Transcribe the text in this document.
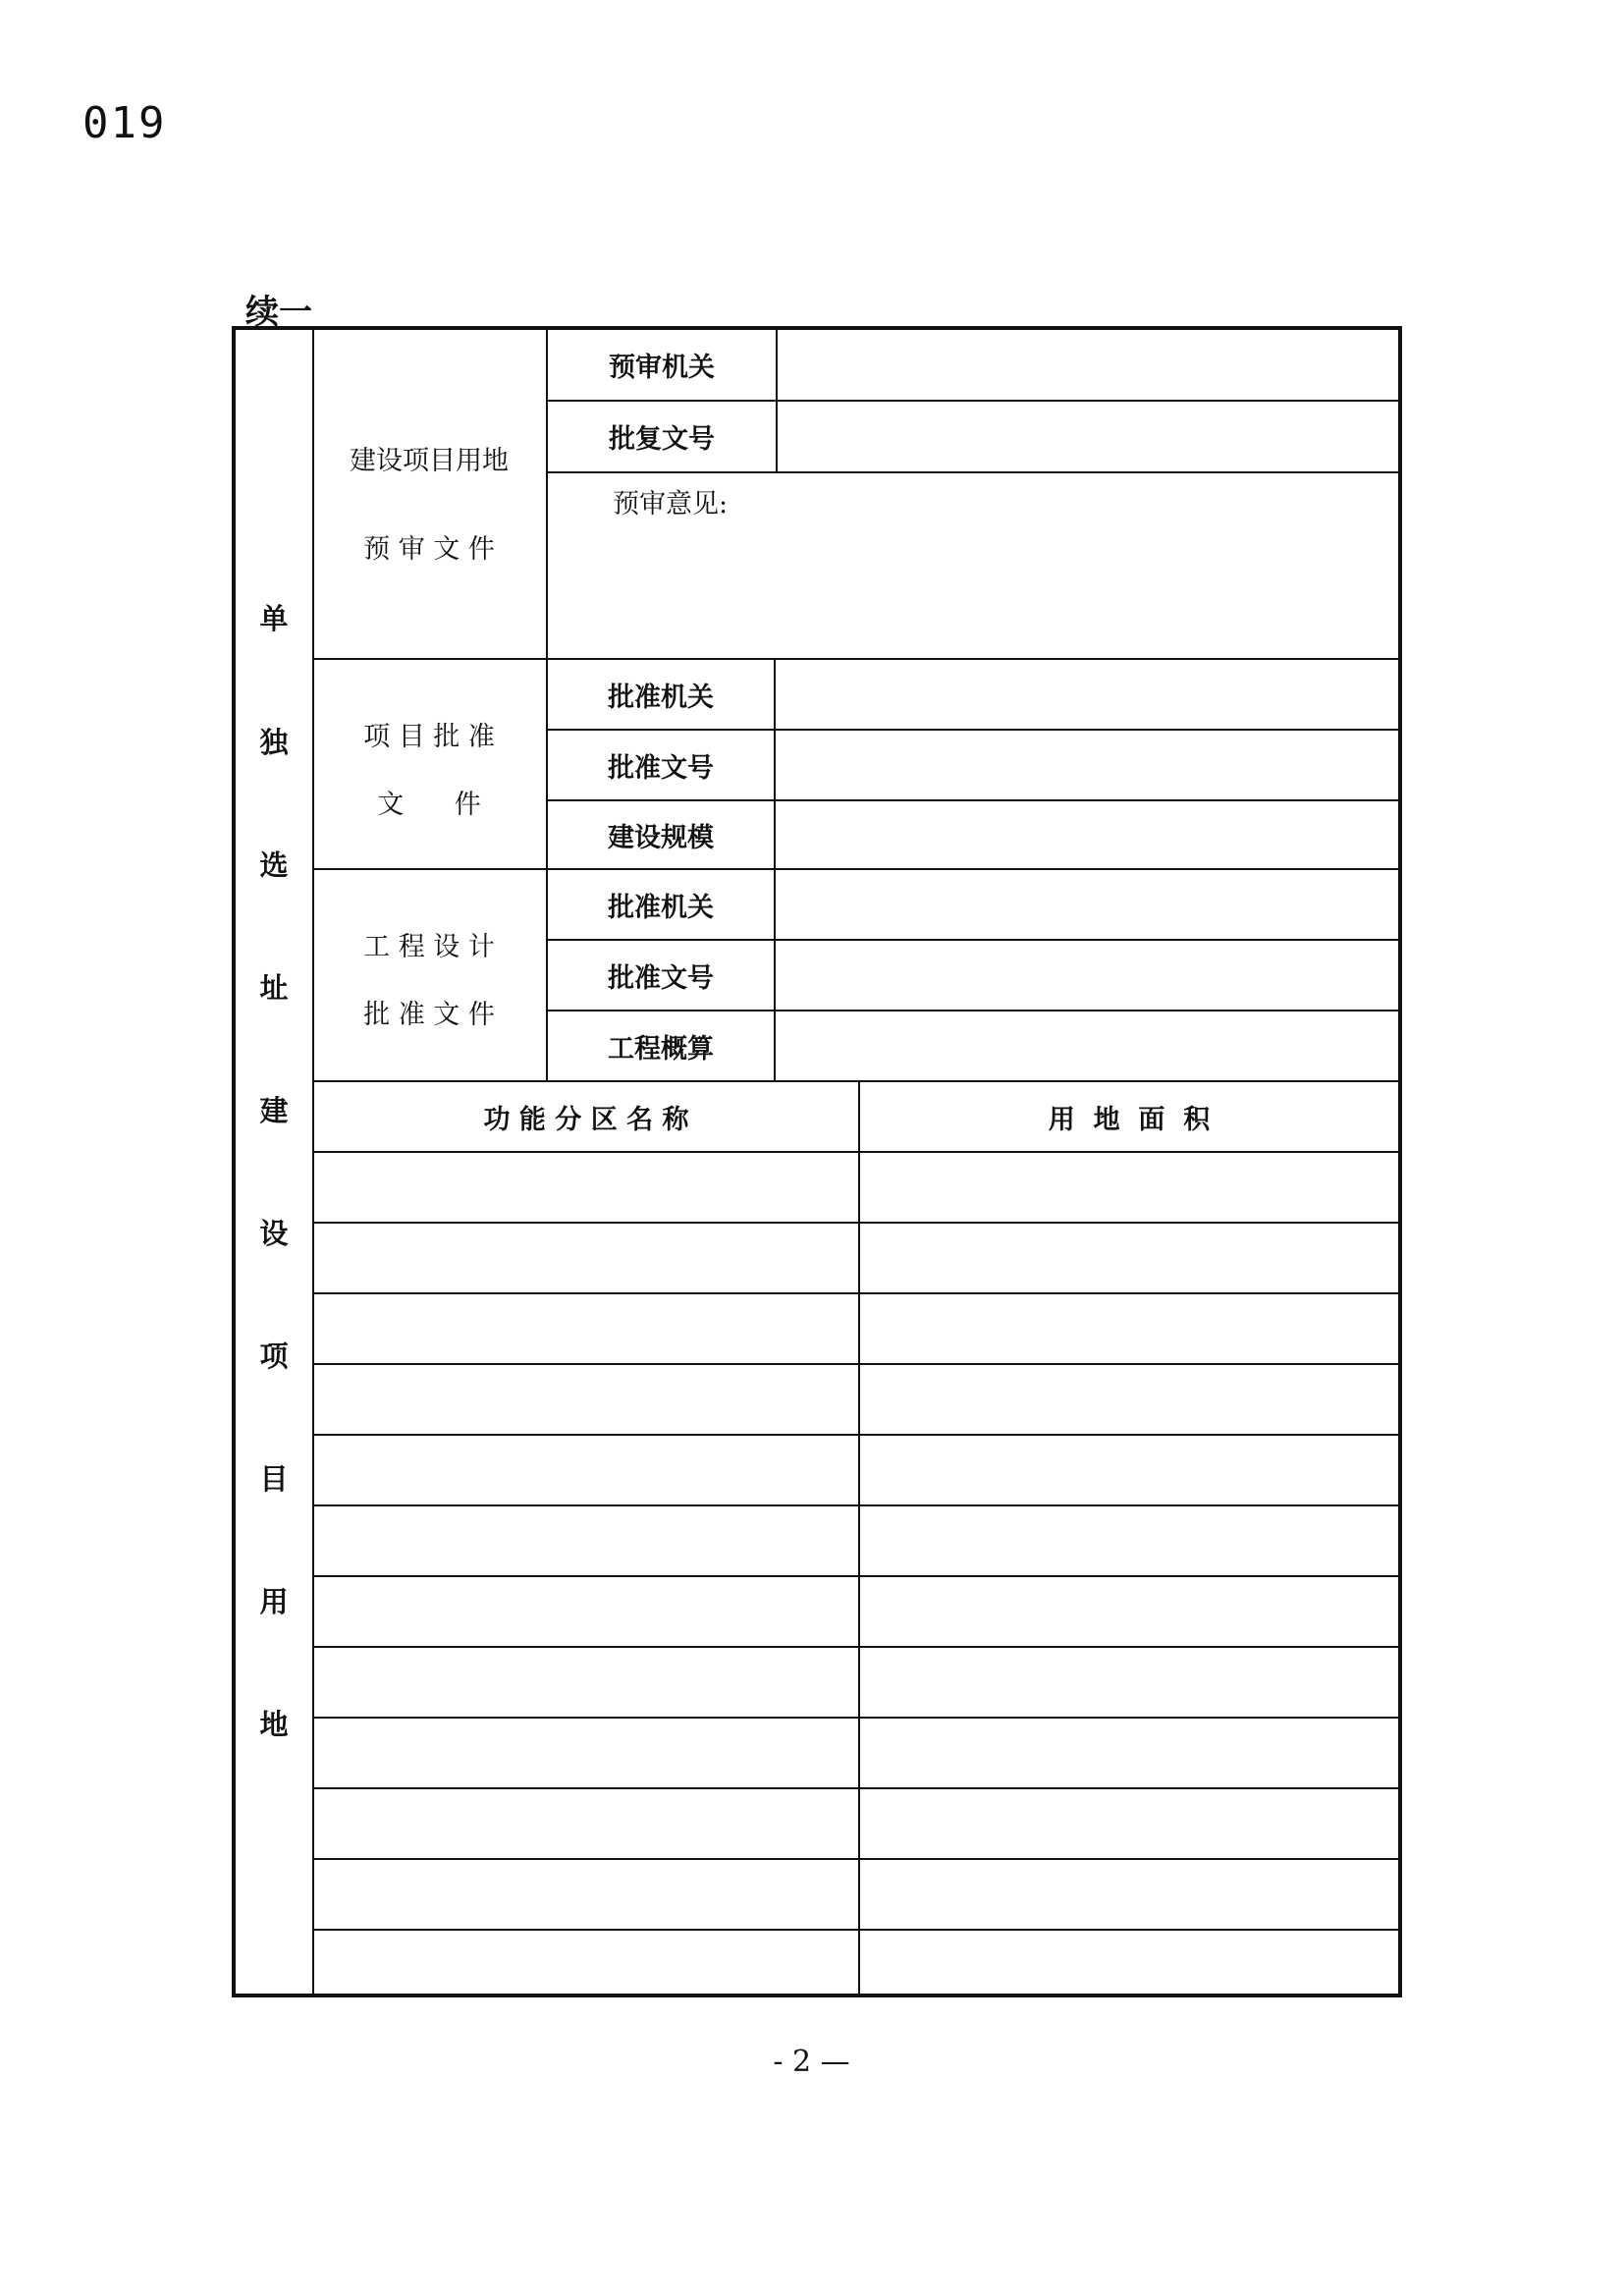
019
续一
单
独
选
址
建
设
项
目
用
地
建设项目用地
预 审 文 件
项 目 批 准
文      件
工 程 设 计
批 准 文 件
预审机关
批复文号
预审意见:
批准机关
批准文号
建设规模
批准机关
批准文号
工程概算
功 能 分 区 名 称	用  地  面  积
- 2 —
